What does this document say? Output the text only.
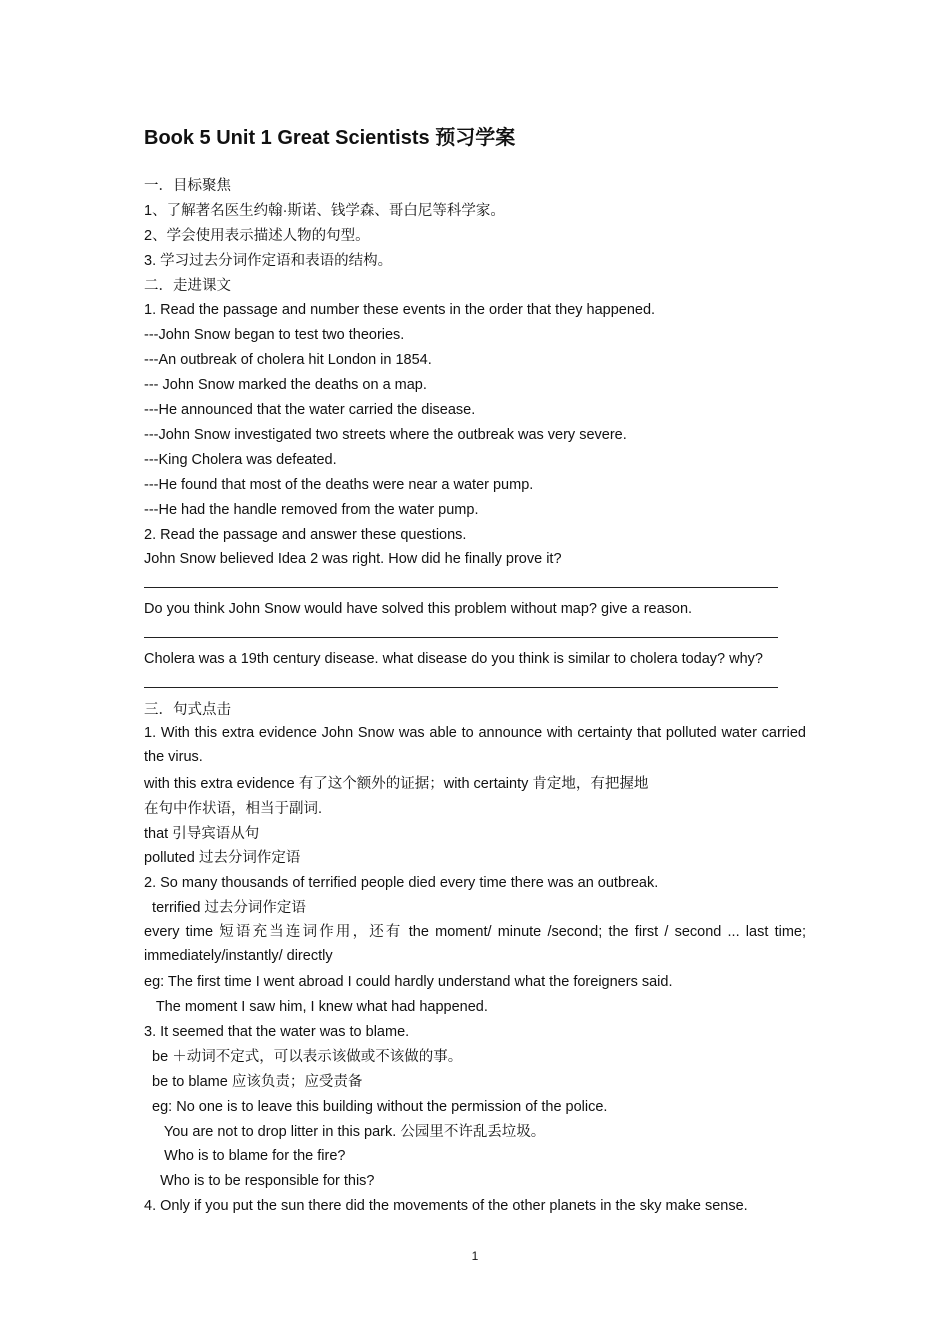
Book 5 Unit 1 Great Scientists 预习学案
一．目标聚焦
1、了解著名医生约翰·斯诺、钱学森、哥白尼等科学家。
2、学会使用表示描述人物的句型。
3. 学习过去分词作定语和表语的结构。
二．走进课文
1. Read the passage and number these events in the order that they happened.
---John Snow began to test two theories.
---An outbreak of cholera hit London in 1854.
--- John Snow marked the deaths on a map.
---He announced that the water carried the disease.
---John Snow investigated two streets where the outbreak was very severe.
---King Cholera was defeated.
---He found that most of the deaths were near a water pump.
---He had the handle removed from the water pump.
2. Read the passage and answer these questions.
John Snow believed Idea 2 was right. How did he finally prove it?
Do you think John Snow would have solved this problem without map? give a reason.
Cholera was a 19th century disease. what disease do you think is similar to cholera today? why?
三．句式点击
1. With this extra evidence John Snow was able to announce with certainty that polluted water carried the virus.
with this extra evidence 有了这个额外的证据；with certainty 肯定地，有把握地
在句中作状语，相当于副词.
that 引导宾语从句
polluted 过去分词作定语
2. So many thousands of terrified people died every time there was an outbreak.
terrified 过去分词作定语
every time 短语充当连词作用，还有 the moment/ minute /second; the first / second ... last time; immediately/instantly/ directly
eg: The first time I went abroad I could hardly understand what the foreigners said.
The moment I saw him, I knew what had happened.
3. It seemed that the water was to blame.
be ＋动词不定式，可以表示该做或不该做的事。
be to blame 应该负责；应受责备
eg: No one is to leave this building without the permission of the police.
You are not to drop litter in this park. 公园里不许乱丢垃圾。
Who is to blame for the fire?
Who is to be responsible for this?
4. Only if you put the sun there did the movements of the other planets in the sky make sense.
1
